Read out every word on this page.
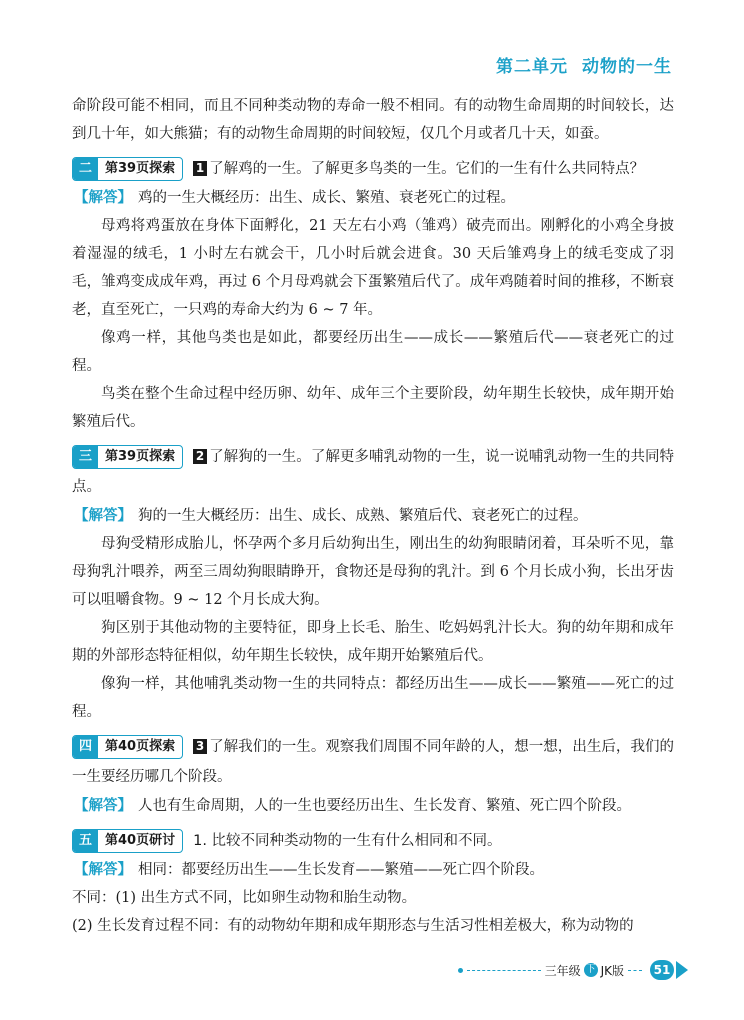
第二单元 动物的一生

命阶段可能不相同，而且不同种类动物的寿命一般不相同。有的动物生命周期的时间较长，达到几十年，如大熊猫；有的动物生命周期的时间较短，仅几个月或者几十天，如蚕。

二	第39页探索	1 了解鸡的一生。了解更多鸟类的一生。它们的一生有什么共同特点？

【解答】 鸡的一生大概经历：出生、成长、繁殖、衰老死亡的过程。

母鸡将鸡蛋放在身体下面孵化，21 天左右小鸡（雏鸡）破壳而出。刚孵化的小鸡全身披着湿湿的绒毛，1 小时左右就会干，几小时后就会进食。30 天后雏鸡身上的绒毛变成了羽毛，雏鸡变成成年鸡，再过 6 个月母鸡就会下蛋繁殖后代了。成年鸡随着时间的推移，不断衰老，直至死亡，一只鸡的寿命大约为 6 ~ 7 年。

像鸡一样，其他鸟类也是如此，都要经历出生——成长——繁殖后代——衰老死亡的过程。

鸟类在整个生命过程中经历卵、幼年、成年三个主要阶段，幼年期生长较快，成年期开始繁殖后代。

三	第39页探索	2 了解狗的一生。了解更多哺乳动物的一生，说一说哺乳动物一生的共同特点。

【解答】 狗的一生大概经历：出生、成长、成熟、繁殖后代、衰老死亡的过程。

母狗受精形成胎儿，怀孕两个多月后幼狗出生，刚出生的幼狗眼睛闭着，耳朵听不见，靠母狗乳汁喂养，两至三周幼狗眼睛睁开，食物还是母狗的乳汁。到 6 个月长成小狗，长出牙齿可以咀嚼食物。9 ~ 12 个月长成大狗。

狗区别于其他动物的主要特征，即身上长毛、胎生、吃妈妈乳汁长大。狗的幼年期和成年期的外部形态特征相似，幼年期生长较快，成年期开始繁殖后代。

像狗一样，其他哺乳类动物一生的共同特点：都经历出生——成长——繁殖——死亡的过程。

四	第40页探索	3 了解我们的一生。观察我们周围不同年龄的人，想一想，出生后，我们的一生要经历哪几个阶段。

【解答】 人也有生命周期，人的一生也要经历出生、生长发育、繁殖、死亡四个阶段。

五	第40页研讨	1. 比较不同种类动物的一生有什么相同和不同。

【解答】 相同：都要经历出生——生长发育——繁殖——死亡四个阶段。

不同：(1) 出生方式不同，比如卵生动物和胎生动物。

(2) 生长发育过程不同：有的动物幼年期和成年期形态与生活习性相差极大，称为动物的

三年级 下 JK版	51
